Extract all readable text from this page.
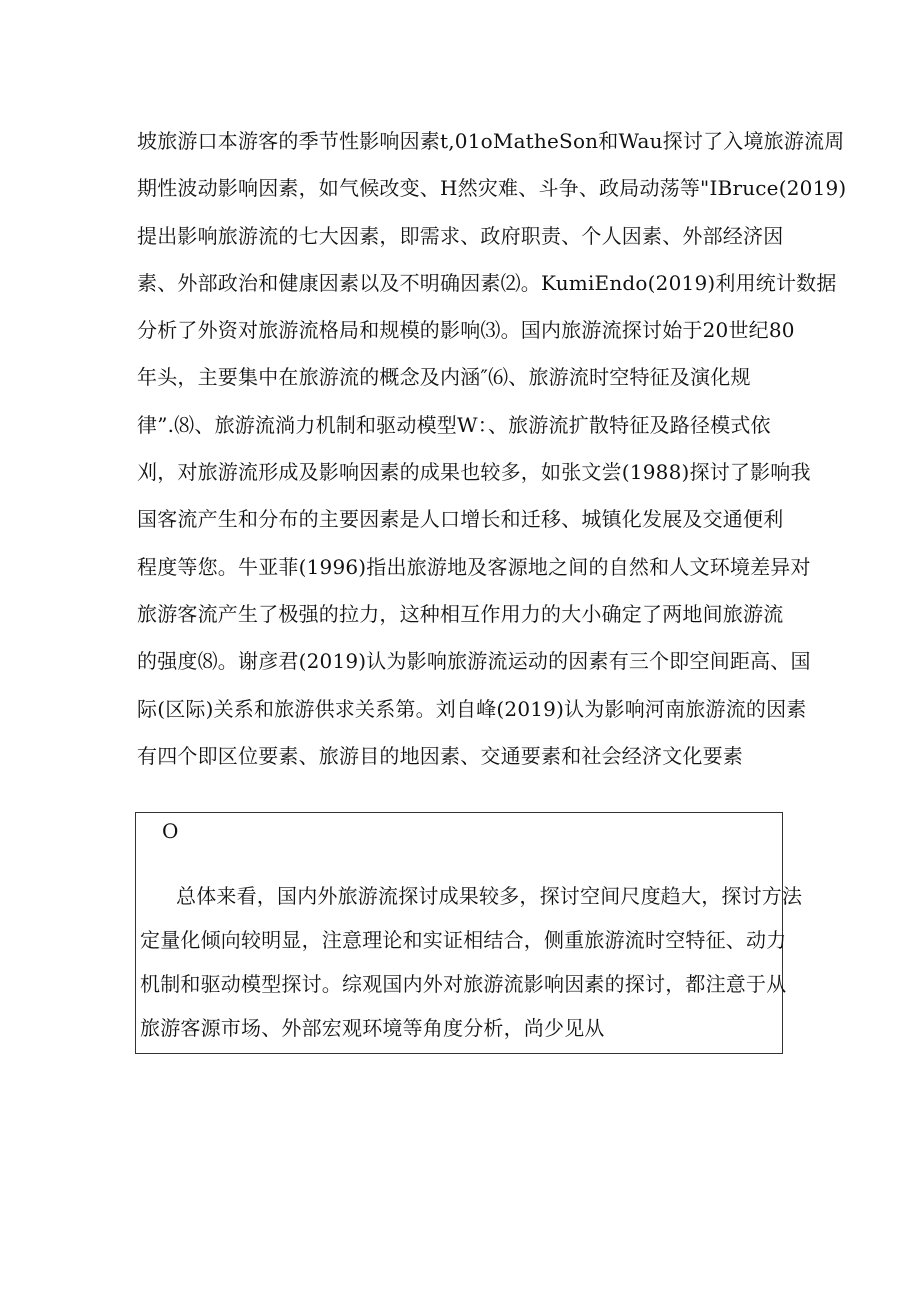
坡旅游口本游客的季节性影响因素t,01oMatheSon和Wau探讨了入境旅游流周
期性波动影响因素，如气候改变、H然灾难、斗争、政局动荡等"IBruce(2019)
提出影响旅游流的七大因素，即需求、政府职责、个人因素、外部经济因
素、外部政治和健康因素以及不明确因素⑵。KumiEndo(2019)利用统计数据
分析了外资对旅游流格局和规模的影响⑶。国内旅游流探讨始于20世纪80
年头，主要集中在旅游流的概念及内涵″⑹、旅游流时空特征及演化规
律”.⑻、旅游流淌力机制和驱动模型W：、旅游流扩散特征及路径模式依
刈，对旅游流形成及影响因素的成果也较多，如张文尝(1988)探讨了影响我
国客流产生和分布的主要因素是人口增长和迁移、城镇化发展及交通便利
程度等您。牛亚菲(1996)指出旅游地及客源地之间的自然和人文环境差异对
旅游客流产生了极强的拉力，这种相互作用力的大小确定了两地间旅游流
的强度⑻。谢彦君(2019)认为影响旅游流运动的因素有三个即空间距高、国
际(区际)关系和旅游供求关系第。刘自峰(2019)认为影响河南旅游流的因素
有四个即区位要素、旅游目的地因素、交通要素和社会经济文化要素
O
总体来看，国内外旅游流探讨成果较多，探讨空间尺度趋大，探讨方法
定量化倾向较明显，注意理论和实证相结合，侧重旅游流时空特征、动力
机制和驱动模型探讨。综观国内外对旅游流影响因素的探讨，都注意于从
旅游客源市场、外部宏观环境等角度分析，尚少见从
